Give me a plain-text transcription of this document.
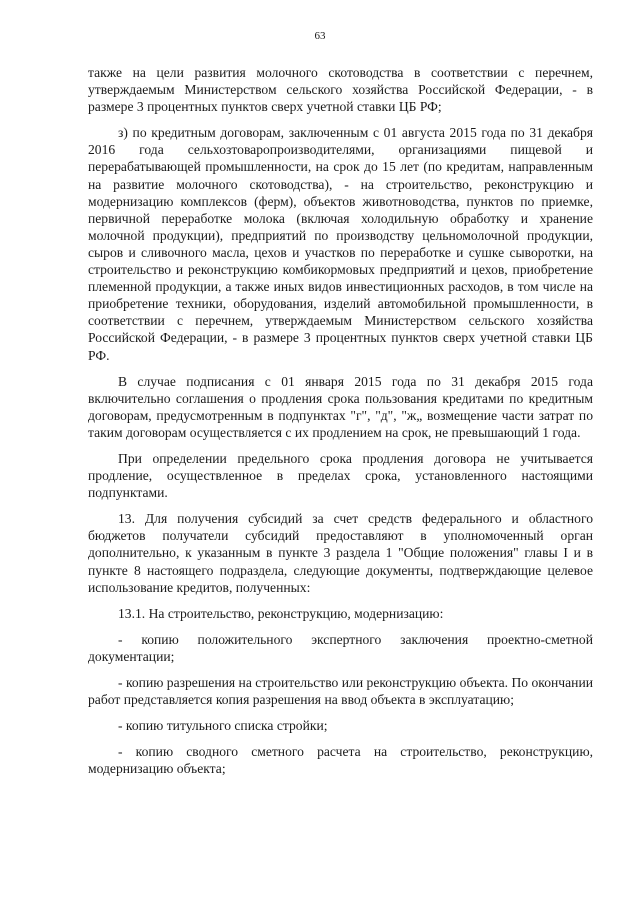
63

также на цели развития молочного скотоводства в соответствии с перечнем, утверждаемым Министерством сельского хозяйства Российской Федерации, - в размере 3 процентных пунктов сверх учетной ставки ЦБ РФ;

з) по кредитным договорам, заключенным с 01 августа 2015 года по 31 декабря 2016 года сельхозтоваропроизводителями, организациями пищевой и перерабатывающей промышленности, на срок до 15 лет (по кредитам, направленным на развитие молочного скотоводства), - на строительство, реконструкцию и модернизацию комплексов (ферм), объектов животноводства, пунктов по приемке, первичной переработке молока (включая холодильную обработку и хранение молочной продукции), предприятий по производству цельномолочной продукции, сыров и сливочного масла, цехов и участков по переработке и сушке сыворотки, на строительство и реконструкцию комбикормовых предприятий и цехов, приобретение племенной продукции, а также иных видов инвестиционных расходов, в том числе на приобретение техники, оборудования, изделий автомобильной промышленности, в соответствии с перечнем, утверждаемым Министерством сельского хозяйства Российской Федерации, - в размере 3 процентных пунктов сверх учетной ставки ЦБ РФ.

В случае подписания с 01 января 2015 года по 31 декабря 2015 года включительно соглашения о продления срока пользования кредитами по кредитным договорам, предусмотренным в подпунктах "г", "д", "ж„ возмещение части затрат по таким договорам осуществляется с их продлением на срок, не превышающий 1 года.

При определении предельного срока продления договора не учитывается продление, осуществленное в пределах срока, установленного настоящими подпунктами.

13. Для получения субсидий за счет средств федерального и областного бюджетов получатели субсидий предоставляют в уполномоченный орган дополнительно, к указанным в пункте 3 раздела 1 "Общие положения" главы I и в пункте 8 настоящего подраздела, следующие документы, подтверждающие целевое использование кредитов, полученных:

13.1. На строительство, реконструкцию, модернизацию:

- копию положительного экспертного заключения проектно-сметной документации;

- копию разрешения на строительство или реконструкцию объекта. По окончании работ представляется копия разрешения на ввод объекта в эксплуатацию;

- копию титульного списка стройки;

- копию сводного сметного расчета на строительство, реконструкцию, модернизацию объекта;
